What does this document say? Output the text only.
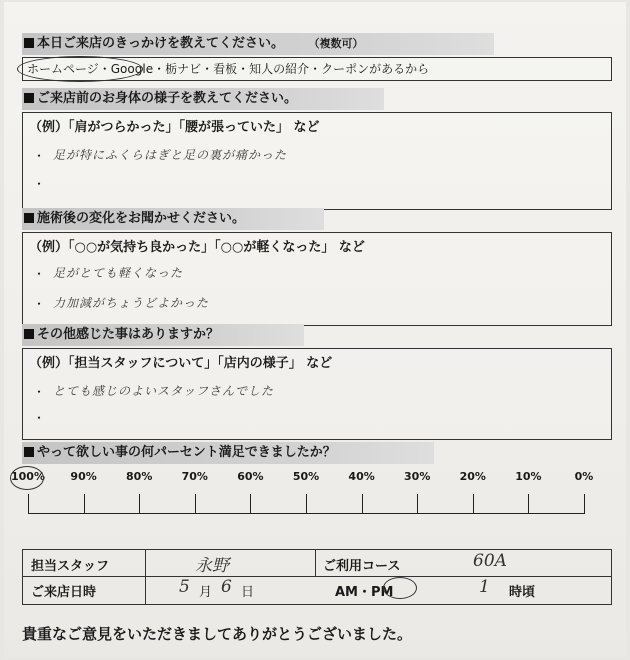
本日ご来店のきっかけを教えてください。	（複数可）
ホームページ・Google・栃ナビ・看板・知人の紹介・クーポンがあるから
ご来店前のお身体の様子を教えてください。
（例）「肩がつらかった」「腰が張っていた」 など
・ 足が特にふくらはぎと足の裏が痛かった
・
施術後の変化をお聞かせください。
（例）「○○が気持ち良かった」「○○が軽くなった」 など
・ 足がとても軽くなった
・ 力加減がちょうどよかった
その他感じた事はありますか？
（例）「担当スタッフについて」「店内の様子」 など
・ とても感じのよいスタッフさんでした
・
やって欲しい事の何パーセント満足できましたか？
100%	90%	80%	70%	60%	50%	40%	30%	20%	10%	0%
担当スタッフ	永野	ご利用コース	60A
ご来店日時	5 月 6 日	AM・PM	1 時頃
貴重なご意見をいただきましてありがとうございました。
